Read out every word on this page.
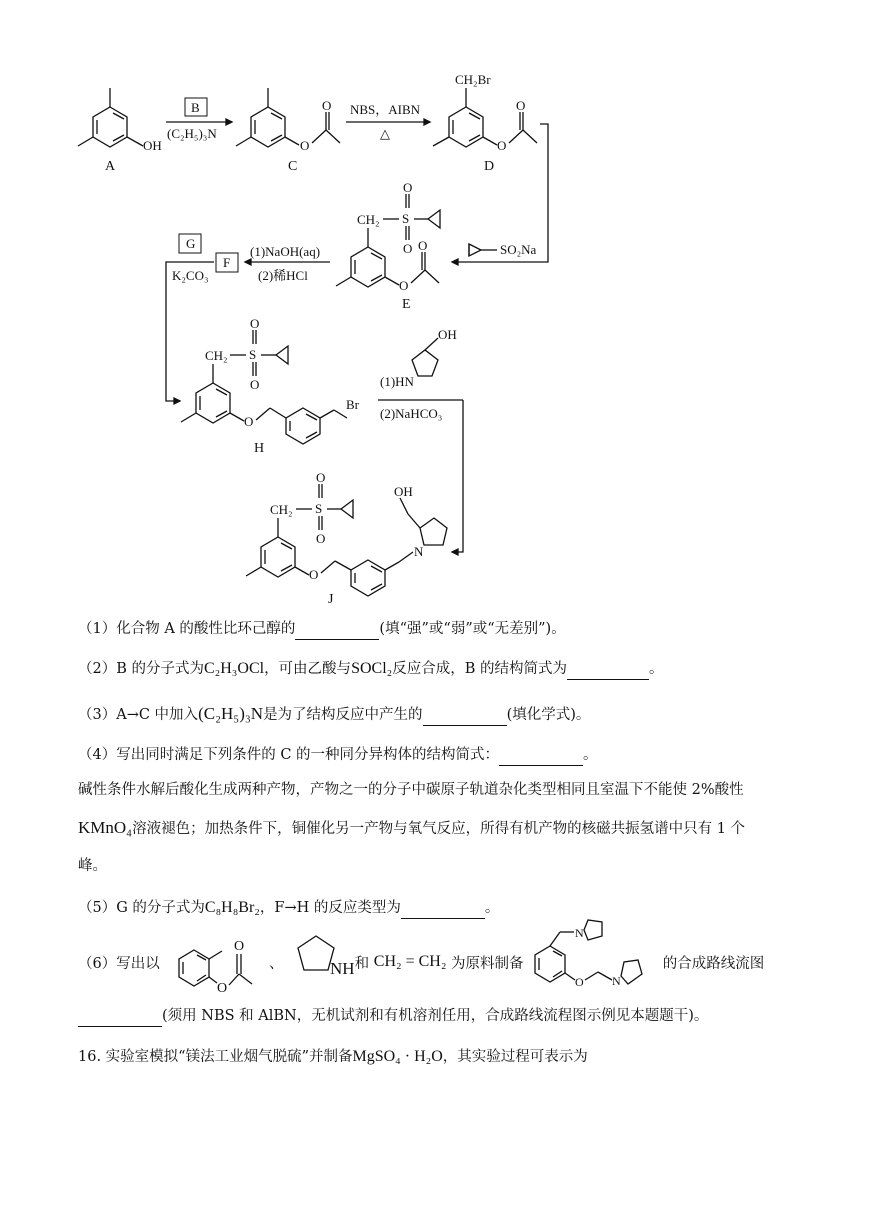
OH
A
B
(C₂H₅)₃N
O
O
C
NBS，AIBN
△
CH₂Br
O
O
D
SO₂Na
CH₂ S
O
O
O
O
E
(1)NaOH(aq)
(2)稀HCl
F
G
K₂CO₃
CH₂ S
O
O
O
Br
H
(1)HN
OH
(2)NaHCO₃
CH₂ S
O
O
O
N
OH
J
（1）化合物 A 的酸性比环己醇的	(填“强”或“弱”或“无差别”)。
（2）B 的分子式为C₂H₃OCl，可由乙酸与SOCl₂反应合成，B 的结构简式为	。
（3）A→C 中加入(C₂H₅)₃N是为了结构反应中产生的	(填化学式)。
（4）写出同时满足下列条件的 C 的一种同分异构体的结构简式：	。
碱性条件水解后酸化生成两种产物，产物之一的分子中碳原子轨道杂化类型相同且室温下不能使 2%酸性
KMnO₄溶液褪色；加热条件下，铜催化另一产物与氧气反应，所得有机产物的核磁共振氢谱中只有 1 个
峰。
（5）G 的分子式为C₈H₈Br₂，F→H 的反应类型为	。
（6）写出以
O
O
、	NH 和 CH₂ = CH₂ 为原料制备
N
O N
的合成路线流图
(须用 NBS 和 AlBN，无机试剂和有机溶剂任用，合成路线流程图示例见本题题干)。
16. 实验室模拟“镁法工业烟气脱硫”并制备MgSO₄ · H₂O，其实验过程可表示为
